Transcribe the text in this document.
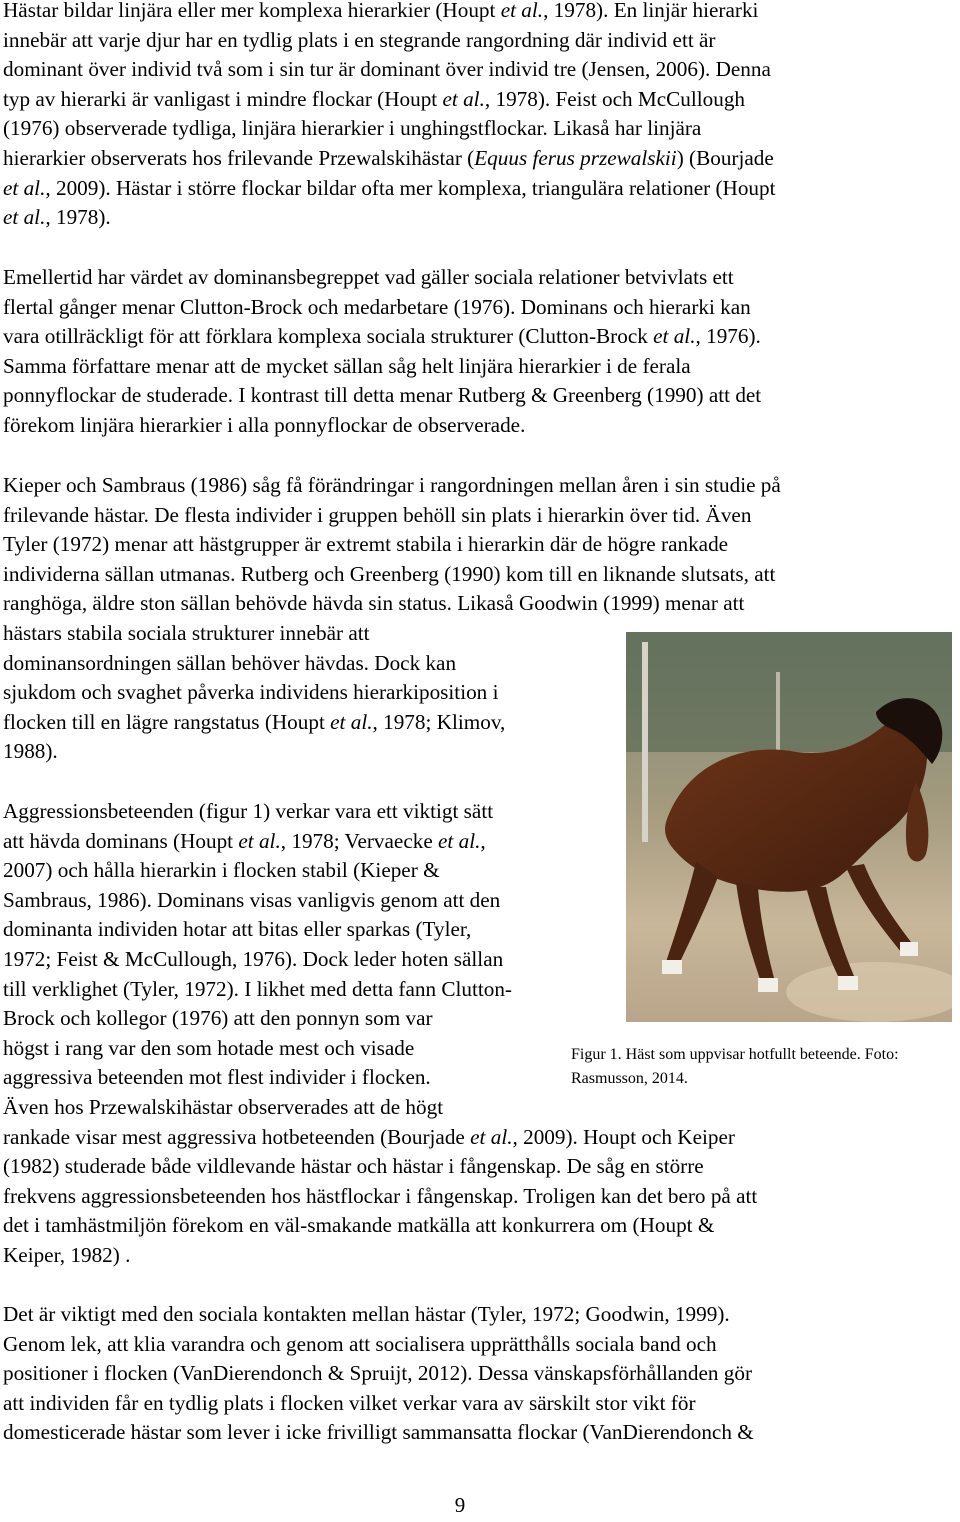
Hästar bildar linjära eller mer komplexa hierarkier (Houpt et al., 1978). En linjär hierarki
innebär att varje djur har en tydlig plats i en stegrande rangordning där individ ett är
dominant över individ två som i sin tur är dominant över individ tre (Jensen, 2006). Denna
typ av hierarki är vanligast i mindre flockar (Houpt et al., 1978). Feist och McCullough
(1976) observerade tydliga, linjära hierarkier i unghingstflockar. Likaså har linjära
hierarkier observerats hos frilevande Przewalskihästar (Equus ferus przewalskii) (Bourjade
et al., 2009). Hästar i större flockar bildar ofta mer komplexa, triangulära relationer (Houpt
et al., 1978).
Emellertid har värdet av dominansbegreppet vad gäller sociala relationer betvivlats ett
flertal gånger menar Clutton-Brock och medarbetare (1976). Dominans och hierarki kan
vara otillräckligt för att förklara komplexa sociala strukturer (Clutton-Brock et al., 1976).
Samma författare menar att de mycket sällan såg helt linjära hierarkier i de ferala
ponnyflockar de studerade. I kontrast till detta menar Rutberg & Greenberg (1990) att det
förekom linjära hierarkier i alla ponnyflockar de observerade.
Kieper och Sambraus (1986) såg få förändringar i rangordningen mellan åren i sin studie på
frilevande hästar. De flesta individer i gruppen behöll sin plats i hierarkin över tid. Även
Tyler (1972) menar att hästgrupper är extremt stabila i hierarkin där de högre rankade
individerna sällan utmanas. Rutberg och Greenberg (1990) kom till en liknande slutsats, att
ranghöga, äldre ston sällan behövde hävda sin status. Likaså Goodwin (1999) menar att
hästars stabila sociala strukturer innebär att
dominansordningen sällan behöver hävdas. Dock kan
sjukdom och svaghet påverka individens hierarkiposition i
flocken till en lägre rangstatus (Houpt et al., 1978; Klimov,
1988).
Aggressionsbeteenden (figur 1) verkar vara ett viktigt sätt
att hävda dominans (Houpt et al., 1978; Vervaecke et al.,
2007) och hålla hierarkin i flocken stabil (Kieper &
Sambraus, 1986). Dominans visas vanligvis genom att den
dominanta individen hotar att bitas eller sparkas (Tyler,
1972; Feist & McCullough, 1976). Dock leder hoten sällan
till verklighet (Tyler, 1972). I likhet med detta fann Clutton-
Brock och kollegor (1976) att den ponnyn som var
högst i rang var den som hotade mest och visade
aggressiva beteenden mot flest individer i flocken.
Även hos Przewalskihästar observerades att de högt
rankade visar mest aggressiva hotbeteenden (Bourjade et al., 2009). Houpt och Keiper
(1982) studerade både vildlevande hästar och hästar i fångenskap. De såg en större
frekvens aggressionsbeteenden hos hästflockar i fångenskap. Troligen kan det bero på att
det i tamhästmiljön förekom en väl-smakande matkälla att konkurrera om (Houpt &
Keiper, 1982) .
Det är viktigt med den sociala kontakten mellan hästar (Tyler, 1972; Goodwin, 1999).
Genom lek, att klia varandra och genom att socialisera upprätthålls sociala band och
positioner i flocken (VanDierendonch & Spruijt, 2012). Dessa vänskapsförhållanden gör
att individen får en tydlig plats i flocken vilket verkar vara av särskilt stor vikt för
domesticerade hästar som lever i icke frivilligt sammansatta flockar (VanDierendonch &
Figur 1. Häst som uppvisar hotfullt beteende. Foto:
Rasmusson, 2014.
9
